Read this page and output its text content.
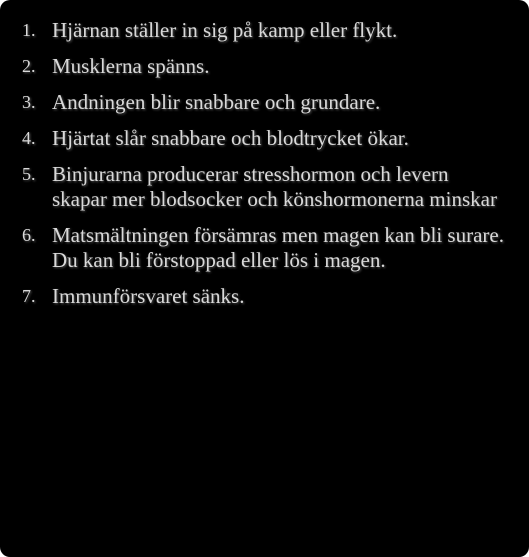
1. Hjärnan ställer in sig på kamp eller flykt.
2. Musklerna spänns.
3. Andningen blir snabbare och grundare.
4. Hjärtat slår snabbare och blodtrycket ökar.
5. Binjurarna producerar stresshormon och levern skapar mer blodsocker och könshormonerna minskar
6. Matsmältningen försämras men magen kan bli surare. Du kan bli förstoppad eller lös i magen.
7. Immunförsvaret sänks.
